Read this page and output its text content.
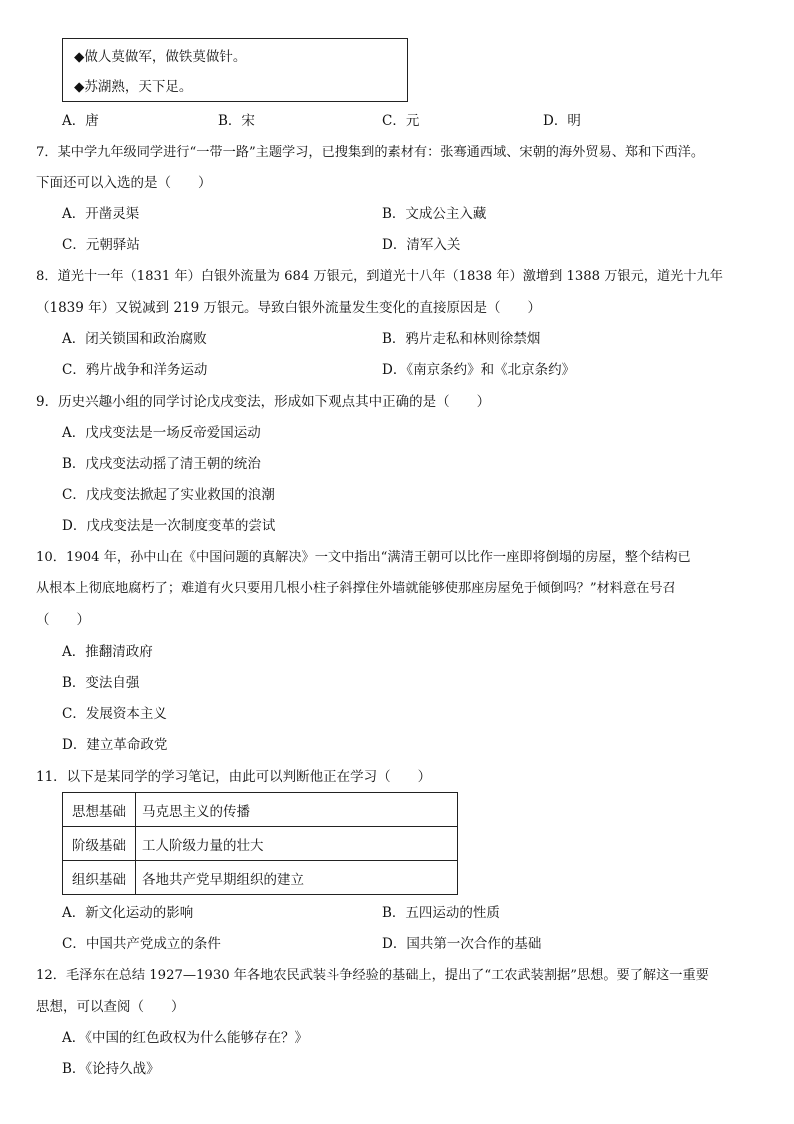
◆做人莫做军，做铁莫做针。
◆苏湖熟，天下足。
A．唐	B．宋	C．元	D．明
7．某中学九年级同学进行“一带一路”主题学习，已搜集到的素材有：张骞通西域、宋朝的海外贸易、郑和下西洋。
下面还可以入选的是（　　）
A．开凿灵渠	B．文成公主入藏
C．元朝驿站	D．清军入关
8．道光十一年（1831 年）白银外流量为 684 万银元，到道光十八年（1838 年）激增到 1388 万银元，道光十九年
（1839 年）又锐减到 219 万银元。导致白银外流量发生变化的直接原因是（　　）
A．闭关锁国和政治腐败	B．鸦片走私和林则徐禁烟
C．鸦片战争和洋务运动	D．《南京条约》和《北京条约》
9．历史兴趣小组的同学讨论戊戌变法，形成如下观点其中正确的是（　　）
A．戊戌变法是一场反帝爱国运动
B．戊戌变法动摇了清王朝的统治
C．戊戌变法掀起了实业救国的浪潮
D．戊戌变法是一次制度变革的尝试
10．1904 年，孙中山在《中国问题的真解决》一文中指出“满清王朝可以比作一座即将倒塌的房屋，整个结构已
从根本上彻底地腐朽了；难道有火只要用几根小柱子斜撑住外墙就能够使那座房屋免于倾倒吗？”材料意在号召
（　　）
A．推翻清政府
B．变法自强
C．发展资本主义
D．建立革命政党
11．以下是某同学的学习笔记，由此可以判断他正在学习（　　）
思想基础	马克思主义的传播
阶级基础	工人阶级力量的壮大
组织基础	各地共产党早期组织的建立
A．新文化运动的影响	B．五四运动的性质
C．中国共产党成立的条件	D．国共第一次合作的基础
12．毛泽东在总结 1927—1930 年各地农民武装斗争经验的基础上，提出了“工农武装割据”思想。要了解这一重要
思想，可以查阅（　　）
A．《中国的红色政权为什么能够存在？》
B．《论持久战》
